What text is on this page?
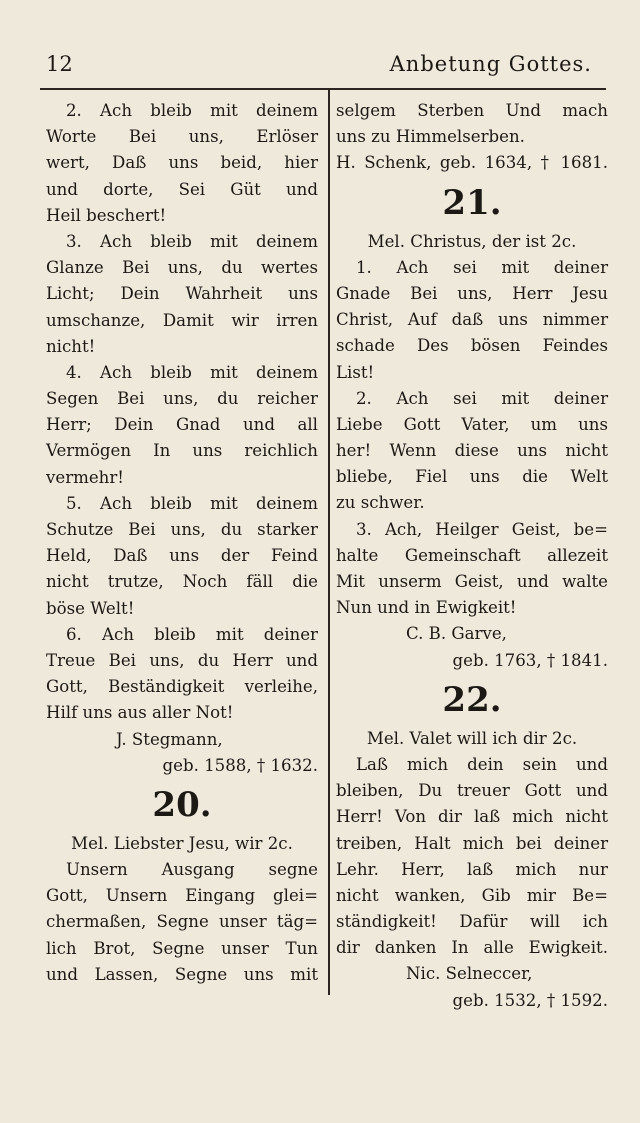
12	Anbetung Gottes.
2. Ach bleib mit deinem
Worte Bei uns, Erlöser
wert, Daß uns beid, hier
und dorte, Sei Güt und
Heil beschert!
3. Ach bleib mit deinem
Glanze Bei uns, du wertes
Licht; Dein Wahrheit uns
umschanze, Damit wir irren
nicht!
4. Ach bleib mit deinem
Segen Bei uns, du reicher
Herr; Dein Gnad und all
Vermögen In uns reichlich
vermehr!
5. Ach bleib mit deinem
Schutze Bei uns, du starker
Held, Daß uns der Feind
nicht trutze, Noch fäll die
böse Welt!
6. Ach bleib mit deiner
Treue Bei uns, du Herr und
Gott, Beständigkeit verleihe,
Hilf uns aus aller Not!
J. Stegmann,
geb. 1588, † 1632.
20.
Mel. Liebster Jesu, wir 2c.
Unsern Ausgang segne
Gott, Unsern Eingang glei=
chermaßen, Segne unser täg=
lich Brot, Segne unser Tun
und Lassen, Segne uns mit
selgem Sterben Und mach
uns zu Himmelserben.
H. Schenk, geb. 1634, † 1681.
21.
Mel. Christus, der ist 2c.
1. Ach sei mit deiner
Gnade Bei uns, Herr Jesu
Christ, Auf daß uns nimmer
schade Des bösen Feindes
List!
2. Ach sei mit deiner
Liebe Gott Vater, um uns
her! Wenn diese uns nicht
bliebe, Fiel uns die Welt
zu schwer.
3. Ach, Heilger Geist, be=
halte Gemeinschaft allezeit
Mit unserm Geist, und walte
Nun und in Ewigkeit!
C. B. Garve,
geb. 1763, † 1841.
22.
Mel. Valet will ich dir 2c.
Laß mich dein sein und
bleiben, Du treuer Gott und
Herr! Von dir laß mich nicht
treiben, Halt mich bei deiner
Lehr. Herr, laß mich nur
nicht wanken, Gib mir Be=
ständigkeit! Dafür will ich
dir danken In alle Ewigkeit.
Nic. Selneccer,
geb. 1532, † 1592.
